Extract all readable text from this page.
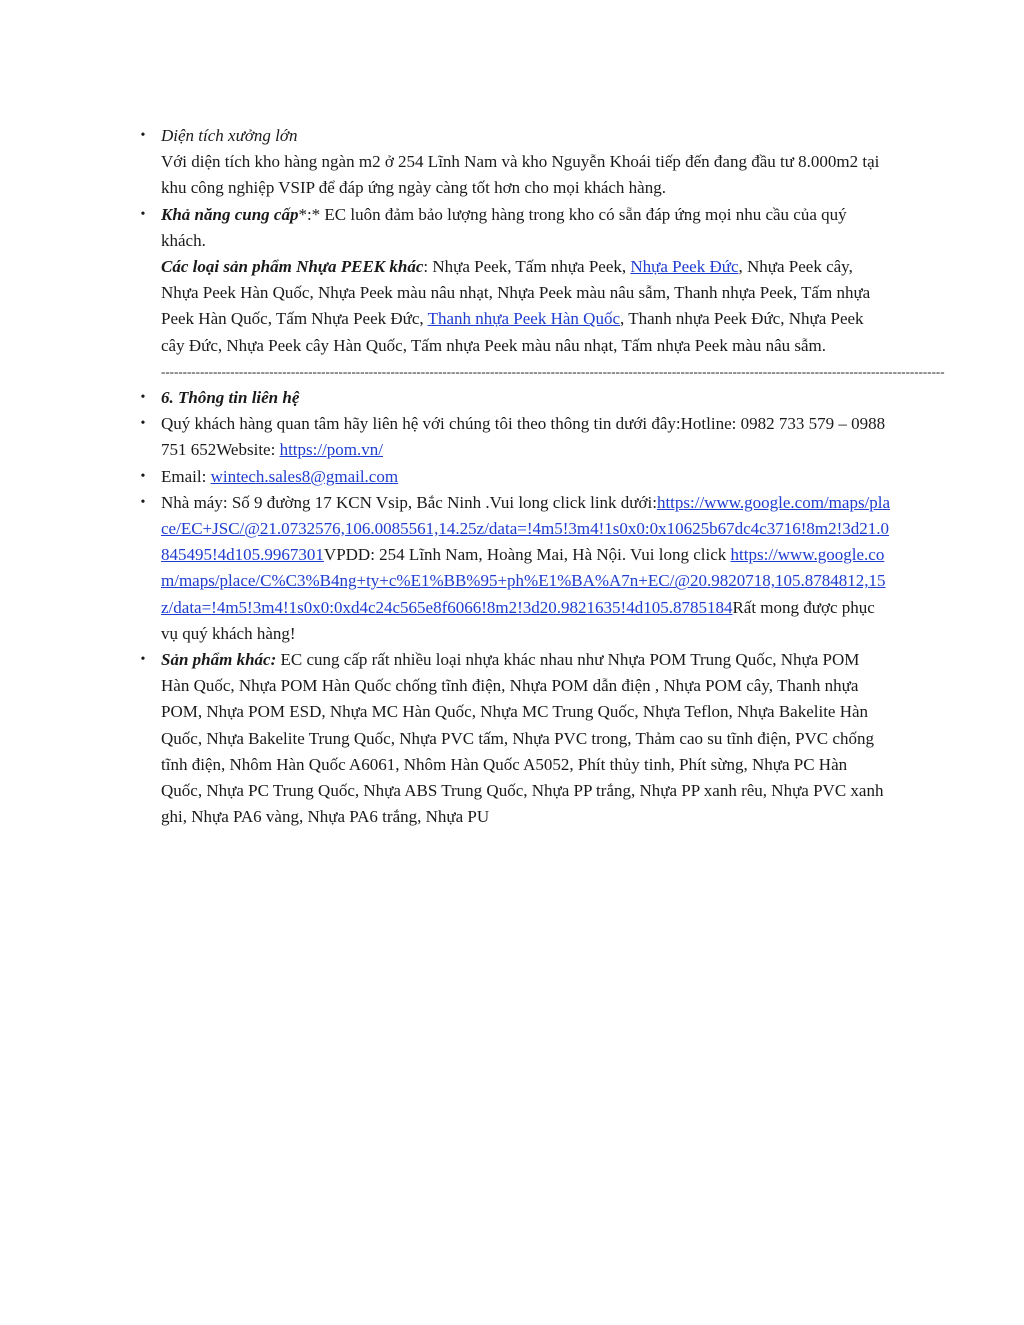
• Diện tích xưởng lớn
Với diện tích kho hàng ngàn m2 ở 254 Lĩnh Nam và kho Nguyễn Khoái tiếp đến đang đầu tư 8.000m2 tại khu công nghiệp VSIP để đáp ứng ngày càng tốt hơn cho mọi khách hàng.
• Khả năng cung cấp*:* EC luôn đảm bảo lượng hàng trong kho có sẵn đáp ứng mọi nhu cầu của quý khách.
Các loại sản phẩm Nhựa PEEK khác: Nhựa Peek, Tấm nhựa Peek, Nhựa Peek Đức, Nhựa Peek cây, Nhựa Peek Hàn Quốc, Nhựa Peek màu nâu nhạt, Nhựa Peek màu nâu sẫm, Thanh nhựa Peek, Tấm nhựa Peek Hàn Quốc, Tấm Nhựa Peek Đức, Thanh nhựa Peek Hàn Quốc, Thanh nhựa Peek Đức, Nhựa Peek cây Đức, Nhựa Peek cây Hàn Quốc, Tấm nhựa Peek màu nâu nhạt, Tấm nhựa Peek màu nâu sẫm.
-------------------------------------------------------------------------------------------------------------------------------------------------------------------------------------
• 6. Thông tin liên hệ
• Quý khách hàng quan tâm hãy liên hệ với chúng tôi theo thông tin dưới đây:Hotline: 0982 733 579 – 0988 751 652Website: https://pom.vn/
• Email: wintech.sales8@gmail.com
• Nhà máy: Số 9 đường 17 KCN Vsip, Bắc Ninh .Vui long click link dưới:https://www.google.com/maps/place/EC+JSC/@21.0732576,106.0085561,14.25z/data=!4m5!3m4!1s0x0:0x10625b67dc4c3716!8m2!3d21.0845495!4d105.9967301VPDD: 254 Lĩnh Nam, Hoàng Mai, Hà Nội. Vui long click https://www.google.com/maps/place/C%C3%B4ng+ty+c%E1%BB%95+ph%E1%BA%A7n+EC/@20.9820718,105.8784812,15z/data=!4m5!3m4!1s0x0:0xd4c24c565e8f6066!8m2!3d20.9821635!4d105.8785184Rất mong được phục vụ quý khách hàng!
• Sản phẩm khác: EC cung cấp rất nhiều loại nhựa khác nhau như Nhựa POM Trung Quốc, Nhựa POM Hàn Quốc, Nhựa POM Hàn Quốc chống tĩnh điện, Nhựa POM dẫn điện , Nhựa POM cây, Thanh nhựa POM, Nhựa POM ESD, Nhựa MC Hàn Quốc, Nhựa MC Trung Quốc, Nhựa Teflon, Nhựa Bakelite Hàn Quốc, Nhựa Bakelite Trung Quốc, Nhựa PVC tấm, Nhựa PVC trong, Thảm cao su tĩnh điện, PVC chống tĩnh điện, Nhôm Hàn Quốc A6061, Nhôm Hàn Quốc A5052, Phít thủy tinh, Phít sừng, Nhựa PC Hàn Quốc, Nhựa PC Trung Quốc, Nhựa ABS Trung Quốc, Nhựa PP trắng, Nhựa PP xanh rêu, Nhựa PVC xanh ghi, Nhựa PA6 vàng, Nhựa PA6 trắng, Nhựa PU
